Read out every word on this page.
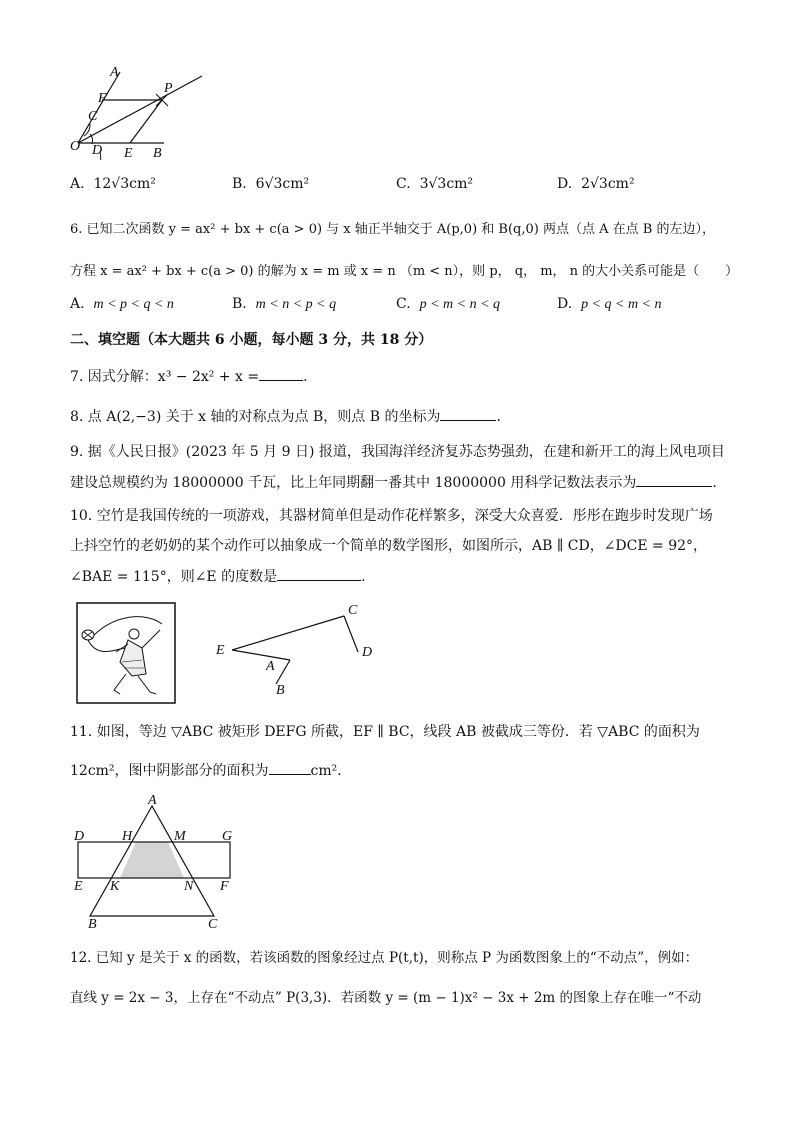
A
F
P
C
O D E B
A. 12√3cm²	B. 6√3cm²	C. 3√3cm²	D. 2√3cm²
6. 已知二次函数 y = ax² + bx + c(a > 0) 与 x 轴正半轴交于 A(p,0) 和 B(q,0) 两点（点 A 在点 B 的左边），
方程 x = ax² + bx + c(a > 0) 的解为 x = m 或 x = n （m < n），则 p， q， m， n 的大小关系可能是（　　）
A. m < p < q < n	B. m < n < p < q	C. p < m < n < q	D. p < q < m < n
二、填空题（本大题共 6 小题，每小题 3 分，共 18 分）
7. 因式分解：x³ − 2x² + x =	.
8. 点 A(2,−3) 关于 x 轴的对称点为点 B，则点 B 的坐标为	.
9. 据《人民日报》(2023 年 5 月 9 日) 报道，我国海洋经济复苏态势强劲，在建和新开工的海上风电项目
建设总规模约为 18000000 千瓦，比上年同期翻一番其中 18000000 用科学记数法表示为	.
10. 空竹是我国传统的一项游戏，其器材简单但是动作花样繁多，深受大众喜爱．彤彤在跑步时发现广场
上抖空竹的老奶奶的某个动作可以抽象成一个简单的数学图形，如图所示，AB ∥ CD，∠DCE = 92°，
∠BAE = 115°，则∠E 的度数是	.
C
E	D
A
B
11. 如图，等边 ▽ABC 被矩形 DEFG 所截，EF ∥ BC，线段 AB 被截成三等份．若 ▽ABC 的面积为
12cm²，图中阴影部分的面积为	cm²．
A
D	H	M	G
E K	N F
B	C
12. 已知 y 是关于 x 的函数，若该函数的图象经过点 P(t,t)，则称点 P 为函数图象上的“不动点”，例如：
直线 y = 2x − 3，上存在“不动点” P(3,3)．若函数 y = (m − 1)x² − 3x + 2m 的图象上存在唯一“不动
